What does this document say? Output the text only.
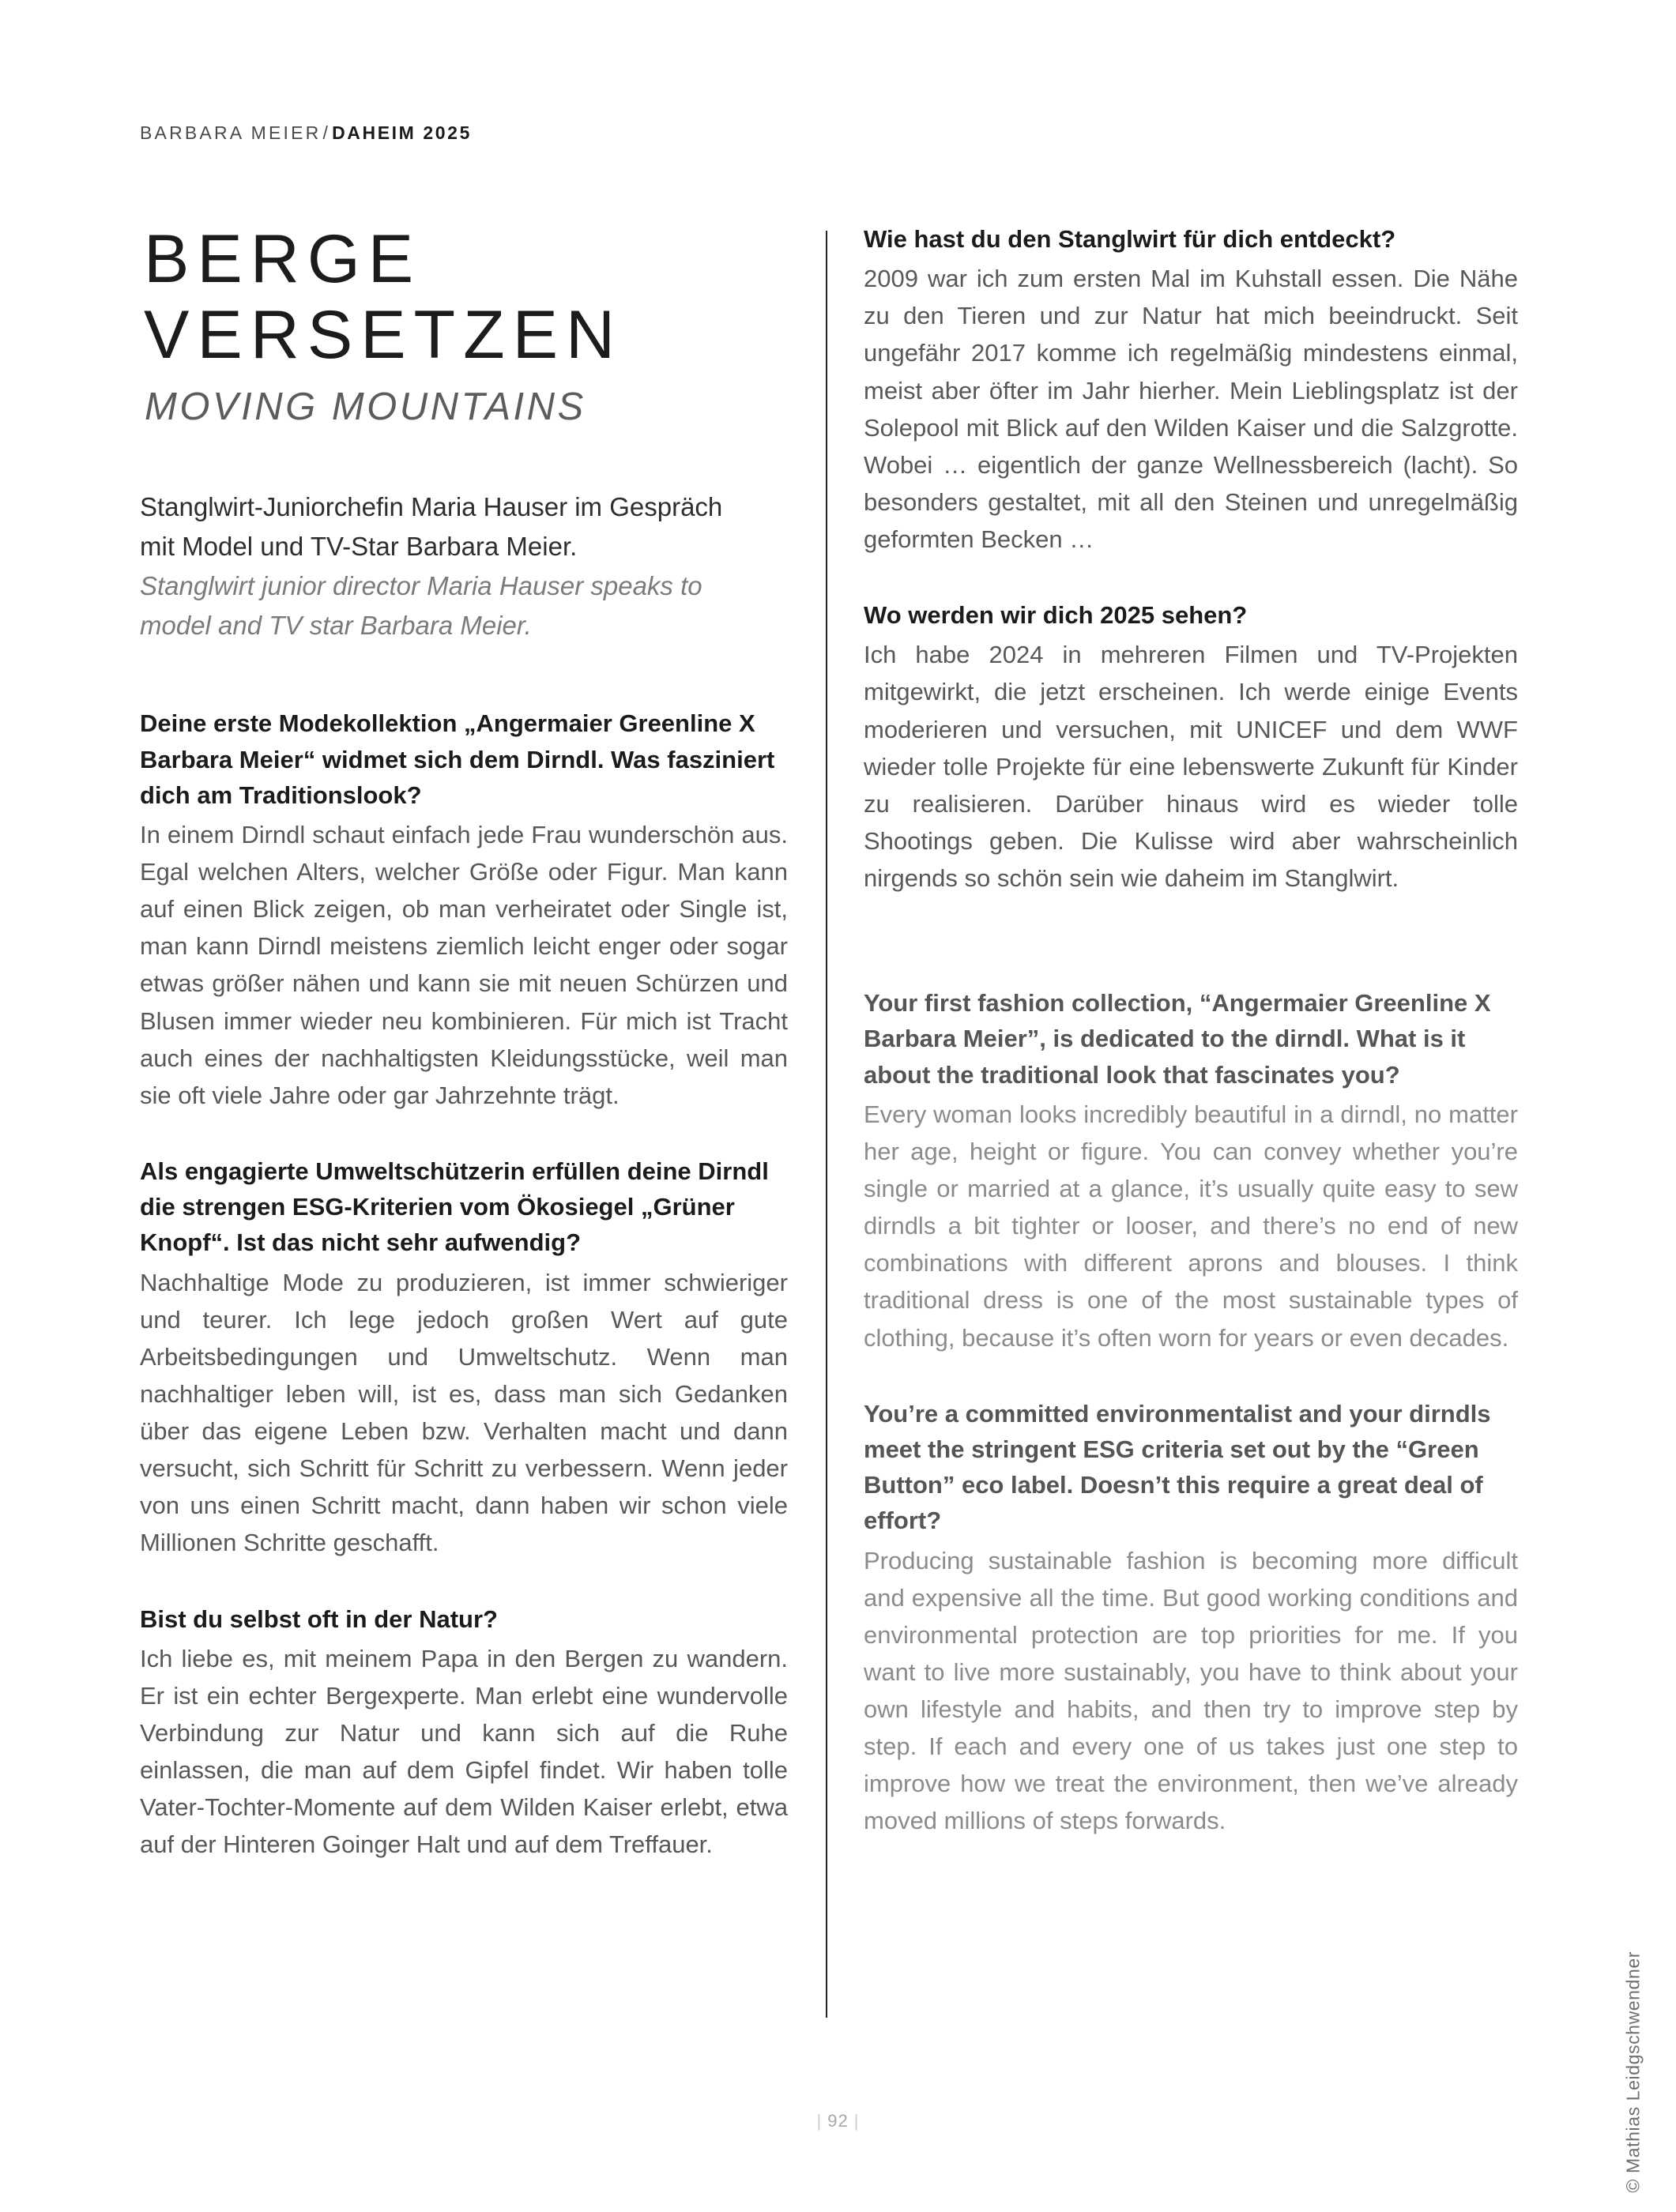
BARBARA MEIER/DAHEIM 2025
BERGE
VERSETZEN
MOVING MOUNTAINS
Stanglwirt-Juniorchefin Maria Hauser im Gespräch mit Model und TV-Star Barbara Meier.
Stanglwirt junior director Maria Hauser speaks to model and TV star Barbara Meier.

Deine erste Modekollektion „Angermaier Greenline X Barbara Meier“ widmet sich dem Dirndl. Was fasziniert dich am Traditionslook?

In einem Dirndl schaut einfach jede Frau wunderschön aus. Egal welchen Alters, welcher Größe oder Figur. Man kann auf einen Blick zeigen, ob man verheiratet oder Single ist, man kann Dirndl meistens ziemlich leicht enger oder sogar etwas größer nähen und kann sie mit neuen Schürzen und Blusen immer wieder neu kombinieren. Für mich ist Tracht auch eines der nachhaltigsten Kleidungsstücke, weil man sie oft viele Jahre oder gar Jahrzehnte trägt.

Als engagierte Umweltschützerin erfüllen deine Dirndl die strengen ESG-Kriterien vom Ökosiegel „Grüner Knopf“. Ist das nicht sehr aufwendig?

Nachhaltige Mode zu produzieren, ist immer schwieriger und teurer. Ich lege jedoch großen Wert auf gute Arbeitsbedingungen und Umweltschutz. Wenn man nachhaltiger leben will, ist es, dass man sich Gedanken über das eigene Leben bzw. Verhalten macht und dann versucht, sich Schritt für Schritt zu verbessern. Wenn jeder von uns einen Schritt macht, dann haben wir schon viele Millionen Schritte geschafft.

Bist du selbst oft in der Natur?

Ich liebe es, mit meinem Papa in den Bergen zu wandern. Er ist ein echter Bergexperte. Man erlebt eine wundervolle Verbindung zur Natur und kann sich auf die Ruhe einlassen, die man auf dem Gipfel findet. Wir haben tolle Vater-Tochter-Momente auf dem Wilden Kaiser erlebt, etwa auf der Hinteren Goinger Halt und auf dem Treffauer.

Wie hast du den Stanglwirt für dich entdeckt?

2009 war ich zum ersten Mal im Kuhstall essen. Die Nähe zu den Tieren und zur Natur hat mich beeindruckt. Seit ungefähr 2017 komme ich regelmäßig mindestens einmal, meist aber öfter im Jahr hierher. Mein Lieblingsplatz ist der Solepool mit Blick auf den Wilden Kaiser und die Salzgrotte. Wobei … eigentlich der ganze Wellnessbereich (lacht). So besonders gestaltet, mit all den Steinen und unregelmäßig geformten Becken …

Wo werden wir dich 2025 sehen?

Ich habe 2024 in mehreren Filmen und TV-Projekten mitgewirkt, die jetzt erscheinen. Ich werde einige Events moderieren und versuchen, mit UNICEF und dem WWF wieder tolle Projekte für eine lebenswerte Zukunft für Kinder zu realisieren. Darüber hinaus wird es wieder tolle Shootings geben. Die Kulisse wird aber wahrscheinlich nirgends so schön sein wie daheim im Stanglwirt.

Your first fashion collection, “Angermaier Greenline X Barbara Meier”, is dedicated to the dirndl. What is it about the traditional look that fascinates you?

Every woman looks incredibly beautiful in a dirndl, no matter her age, height or figure. You can convey whether you’re single or married at a glance, it’s usually quite easy to sew dirndls a bit tighter or looser, and there’s no end of new combinations with different aprons and blouses. I think traditional dress is one of the most sustainable types of clothing, because it’s often worn for years or even decades.

You’re a committed environmentalist and your dirndls meet the stringent ESG criteria set out by the “Green Button” eco label. Doesn’t this require a great deal of effort?

Producing sustainable fashion is becoming more difficult and expensive all the time. But good working conditions and environmental protection are top priorities for me. If you want to live more sustainably, you have to think about your own lifestyle and habits, and then try to improve step by step. If each and every one of us takes just one step to improve how we treat the environment, then we’ve already moved millions of steps forwards.

© Mathias Leidgschwendner
| 92 |
